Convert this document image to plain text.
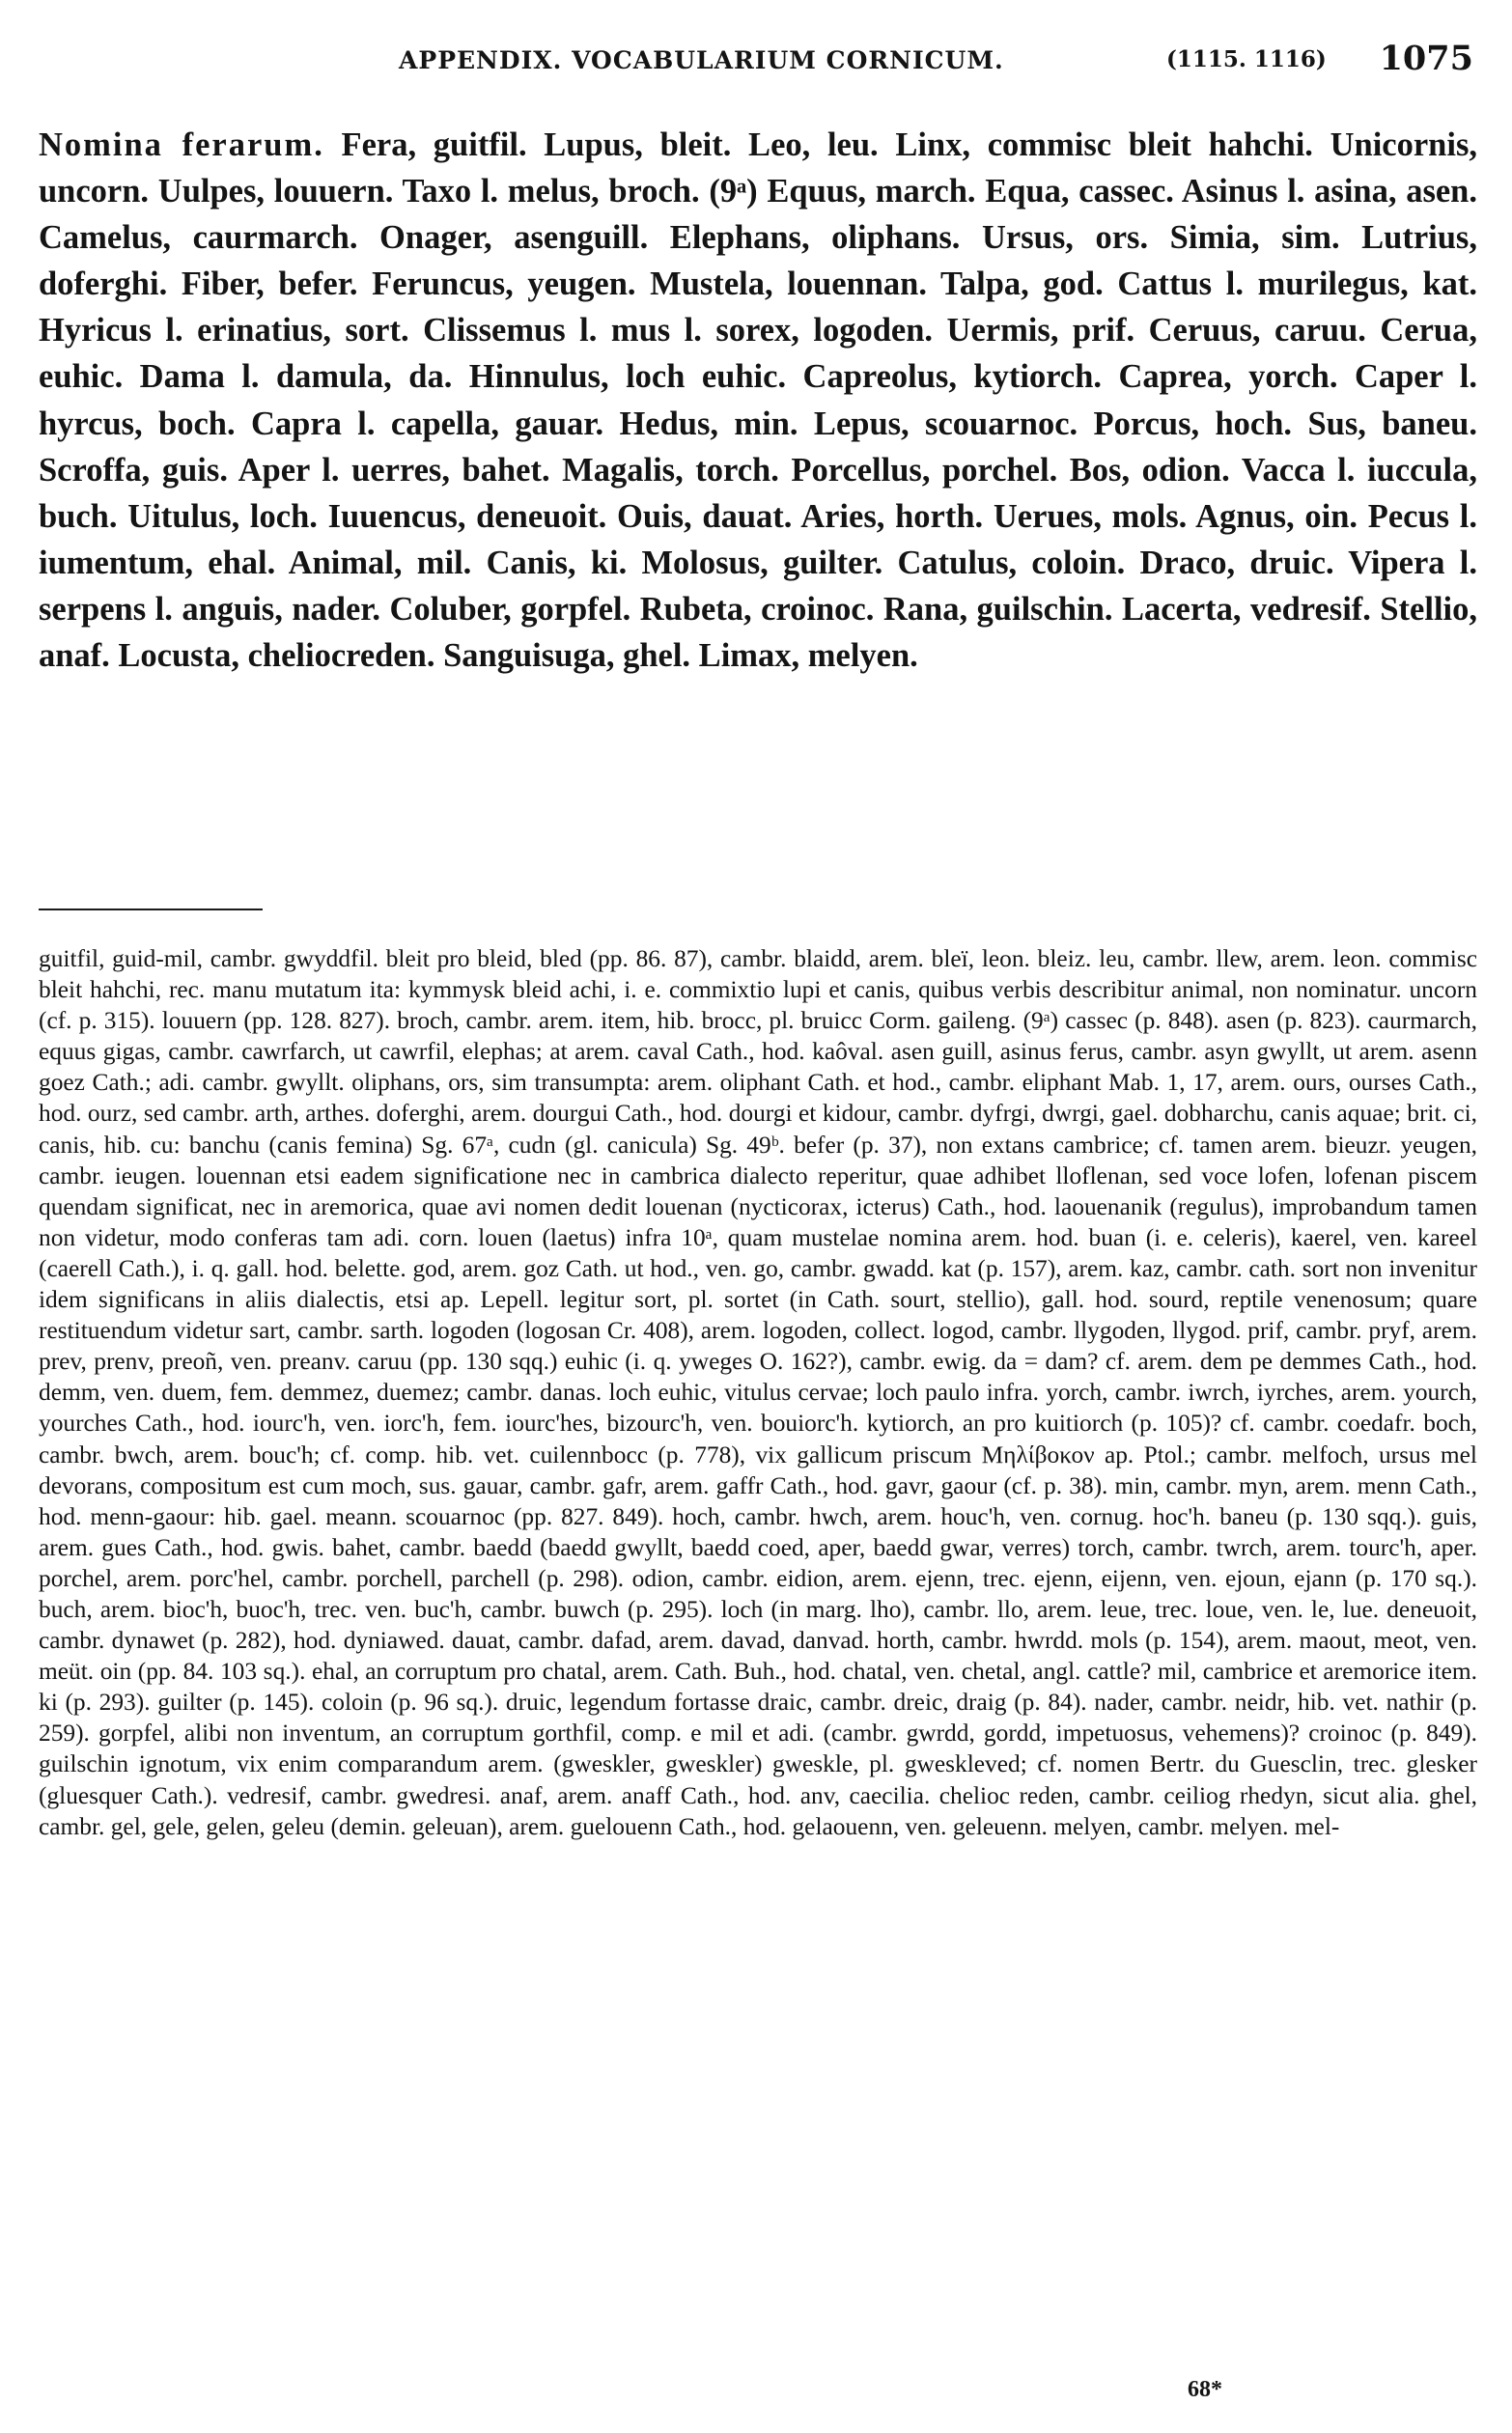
APPENDIX. VOCABULARIUM CORNICUM.	(1115. 1116) 1075
Nomina ferarum. Fera, guitfil. Lupus, bleit. Leo, leu. Linx, commisc bleit hahchi. Unicornis, uncorn. Uulpes, louuern. Taxo l. melus, broch. (9ᵃ) Equus, march. Equa, cassec. Asinus l. asina, asen. Camelus, caurmarch. Onager, asenguill. Elephans, oliphans. Ursus, ors. Simia, sim. Lutrius, doferghi. Fiber, befer. Feruncus, yeugen. Mustela, louennan. Talpa, god. Cattus l. murilegus, kat. Hyricus l. erinatius, sort. Clissemus l. mus l. sorex, logoden. Uermis, prif. Ceruus, caruu. Cerua, euhic. Dama l. damula, da. Hinnulus, loch euhic. Capreolus, kytiorch. Caprea, yorch. Caper l. hyrcus, boch. Capra l. capella, gauar. Hedus, min. Lepus, scouarnoc. Porcus, hoch. Sus, baneu. Scroffa, guis. Aper l. uerres, bahet. Magalis, torch. Porcellus, porchel. Bos, odion. Vacca l. iuccula, buch. Uitulus, loch. Iuuencus, deneuoit. Ouis, dauat. Aries, horth. Uerues, mols. Agnus, oin. Pecus l. iumentum, ehal. Animal, mil. Canis, ki. Molosus, guilter. Catulus, coloin. Draco, druic. Vipera l. serpens l. anguis, nader. Coluber, gorpfel. Rubeta, croinoc. Rana, guilschin. Lacerta, vedresif. Stellio, anaf. Locusta, cheliocreden. Sanguisuga, ghel. Limax, melyen.

guitfil, guid-mil, cambr. gwyddfil. bleit pro bleid, bled (pp. 86. 87), cambr. blaidd, arem. bleï, leon. bleiz. leu, cambr. llew, arem. leon. commisc bleit hahchi, rec. manu mutatum ita: kymmysk bleid achi, i. e. commixtio lupi et canis, quibus verbis describitur animal, non nominatur. uncorn (cf. p. 315). louuern (pp. 128. 827). broch, cambr. arem. item, hib. brocc, pl. bruicc Corm. gaileng. (9ᵃ) cassec (p. 848). asen (p. 823). caurmarch, equus gigas, cambr. cawrfarch, ut cawrfil, elephas; at arem. caval Cath., hod. kaôval. asen guill, asinus ferus, cambr. asyn gwyllt, ut arem. asenn goez Cath.; adi. cambr. gwyllt. oliphans, ors, sim transumpta: arem. oliphant Cath. et hod., cambr. eliphant Mab. 1, 17, arem. ours, ourses Cath., hod. ourz, sed cambr. arth, arthes. doferghi, arem. dourgui Cath., hod. dourgi et kidour, cambr. dyfrgi, dwrgi, gael. dobharchu, canis aquae; brit. ci, canis, hib. cu: banchu (canis femina) Sg. 67ᵃ, cudn (gl. canicula) Sg. 49ᵇ. befer (p. 37), non extans cambrice; cf. tamen arem. bieuzr. yeugen, cambr. ieugen. louennan etsi eadem significatione nec in cambrica dialecto reperitur, quae adhibet lloflenan, sed voce lofen, lofenan piscem quendam significat, nec in aremorica, quae avi nomen dedit louenan (nycticorax, icterus) Cath., hod. laouenanik (regulus), improbandum tamen non videtur, modo conferas tam adi. corn. louen (laetus) infra 10ᵃ, quam mustelae nomina arem. hod. buan (i. e. celeris), kaerel, ven. kareel (caerell Cath.), i. q. gall. hod. belette. god, arem. goz Cath. ut hod., ven. go, cambr. gwadd. kat (p. 157), arem. kaz, cambr. cath. sort non invenitur idem significans in aliis dialectis, etsi ap. Lepell. legitur sort, pl. sortet (in Cath. sourt, stellio), gall. hod. sourd, reptile venenosum; quare restituendum videtur sart, cambr. sarth. logoden (logosan Cr. 408), arem. logoden, collect. logod, cambr. llygoden, llygod. prif, cambr. pryf, arem. prev, prenv, preoñ, ven. preanv. caruu (pp. 130 sqq.) euhic (i. q. yweges O. 162?), cambr. ewig. da = dam? cf. arem. dem pe demmes Cath., hod. demm, ven. duem, fem. demmez, duemez; cambr. danas. loch euhic, vitulus cervae; loch paulo infra. yorch, cambr. iwrch, iyrches, arem. yourch, yourches Cath., hod. iourc'h, ven. iorc'h, fem. iourc'hes, bizourc'h, ven. bouiorc'h. kytiorch, an pro kuitiorch (p. 105)? cf. cambr. coedafr. boch, cambr. bwch, arem. bouc'h; cf. comp. hib. vet. cuilennbocc (p. 778), vix gallicum priscum Μηλίβοκον ap. Ptol.; cambr. melfoch, ursus mel devorans, compositum est cum moch, sus. gauar, cambr. gafr, arem. gaffr Cath., hod. gavr, gaour (cf. p. 38). min, cambr. myn, arem. menn Cath., hod. menn-gaour: hib. gael. meann. scouarnoc (pp. 827. 849). hoch, cambr. hwch, arem. houc'h, ven. cornug. hoc'h. baneu (p. 130 sqq.). guis, arem. gues Cath., hod. gwis. bahet, cambr. baedd (baedd gwyllt, baedd coed, aper, baedd gwar, verres) torch, cambr. twrch, arem. tourc'h, aper. porchel, arem. porc'hel, cambr. porchell, parchell (p. 298). odion, cambr. eidion, arem. ejenn, trec. ejenn, eijenn, ven. ejoun, ejann (p. 170 sq.). buch, arem. bioc'h, buoc'h, trec. ven. buc'h, cambr. buwch (p. 295). loch (in marg. lho), cambr. llo, arem. leue, trec. loue, ven. le, lue. deneuoit, cambr. dynawet (p. 282), hod. dyniawed. dauat, cambr. dafad, arem. davad, danvad. horth, cambr. hwrdd. mols (p. 154), arem. maout, meot, ven. meüt. oin (pp. 84. 103 sq.). ehal, an corruptum pro chatal, arem. Cath. Buh., hod. chatal, ven. chetal, angl. cattle? mil, cambrice et aremorice item. ki (p. 293). guilter (p. 145). coloin (p. 96 sq.). druic, legendum fortasse draic, cambr. dreic, draig (p. 84). nader, cambr. neidr, hib. vet. nathir (p. 259). gorpfel, alibi non inventum, an corruptum gorthfil, comp. e mil et adi. (cambr. gwrdd, gordd, impetuosus, vehemens)? croinoc (p. 849). guilschin ignotum, vix enim comparandum arem. (gweskler, gweskler) gweskle, pl. gweskleved; cf. nomen Bertr. du Guesclin, trec. glesker (gluesquer Cath.). vedresif, cambr. gwedresi. anaf, arem. anaff Cath., hod. anv, caecilia. chelioc reden, cambr. ceiliog rhedyn, sicut alia. ghel, cambr. gel, gele, gelen, geleu (demin. geleuan), arem. guelouenn Cath., hod. gelaouenn, ven. geleuenn. melyen, cambr. melyen. mel-

68*
